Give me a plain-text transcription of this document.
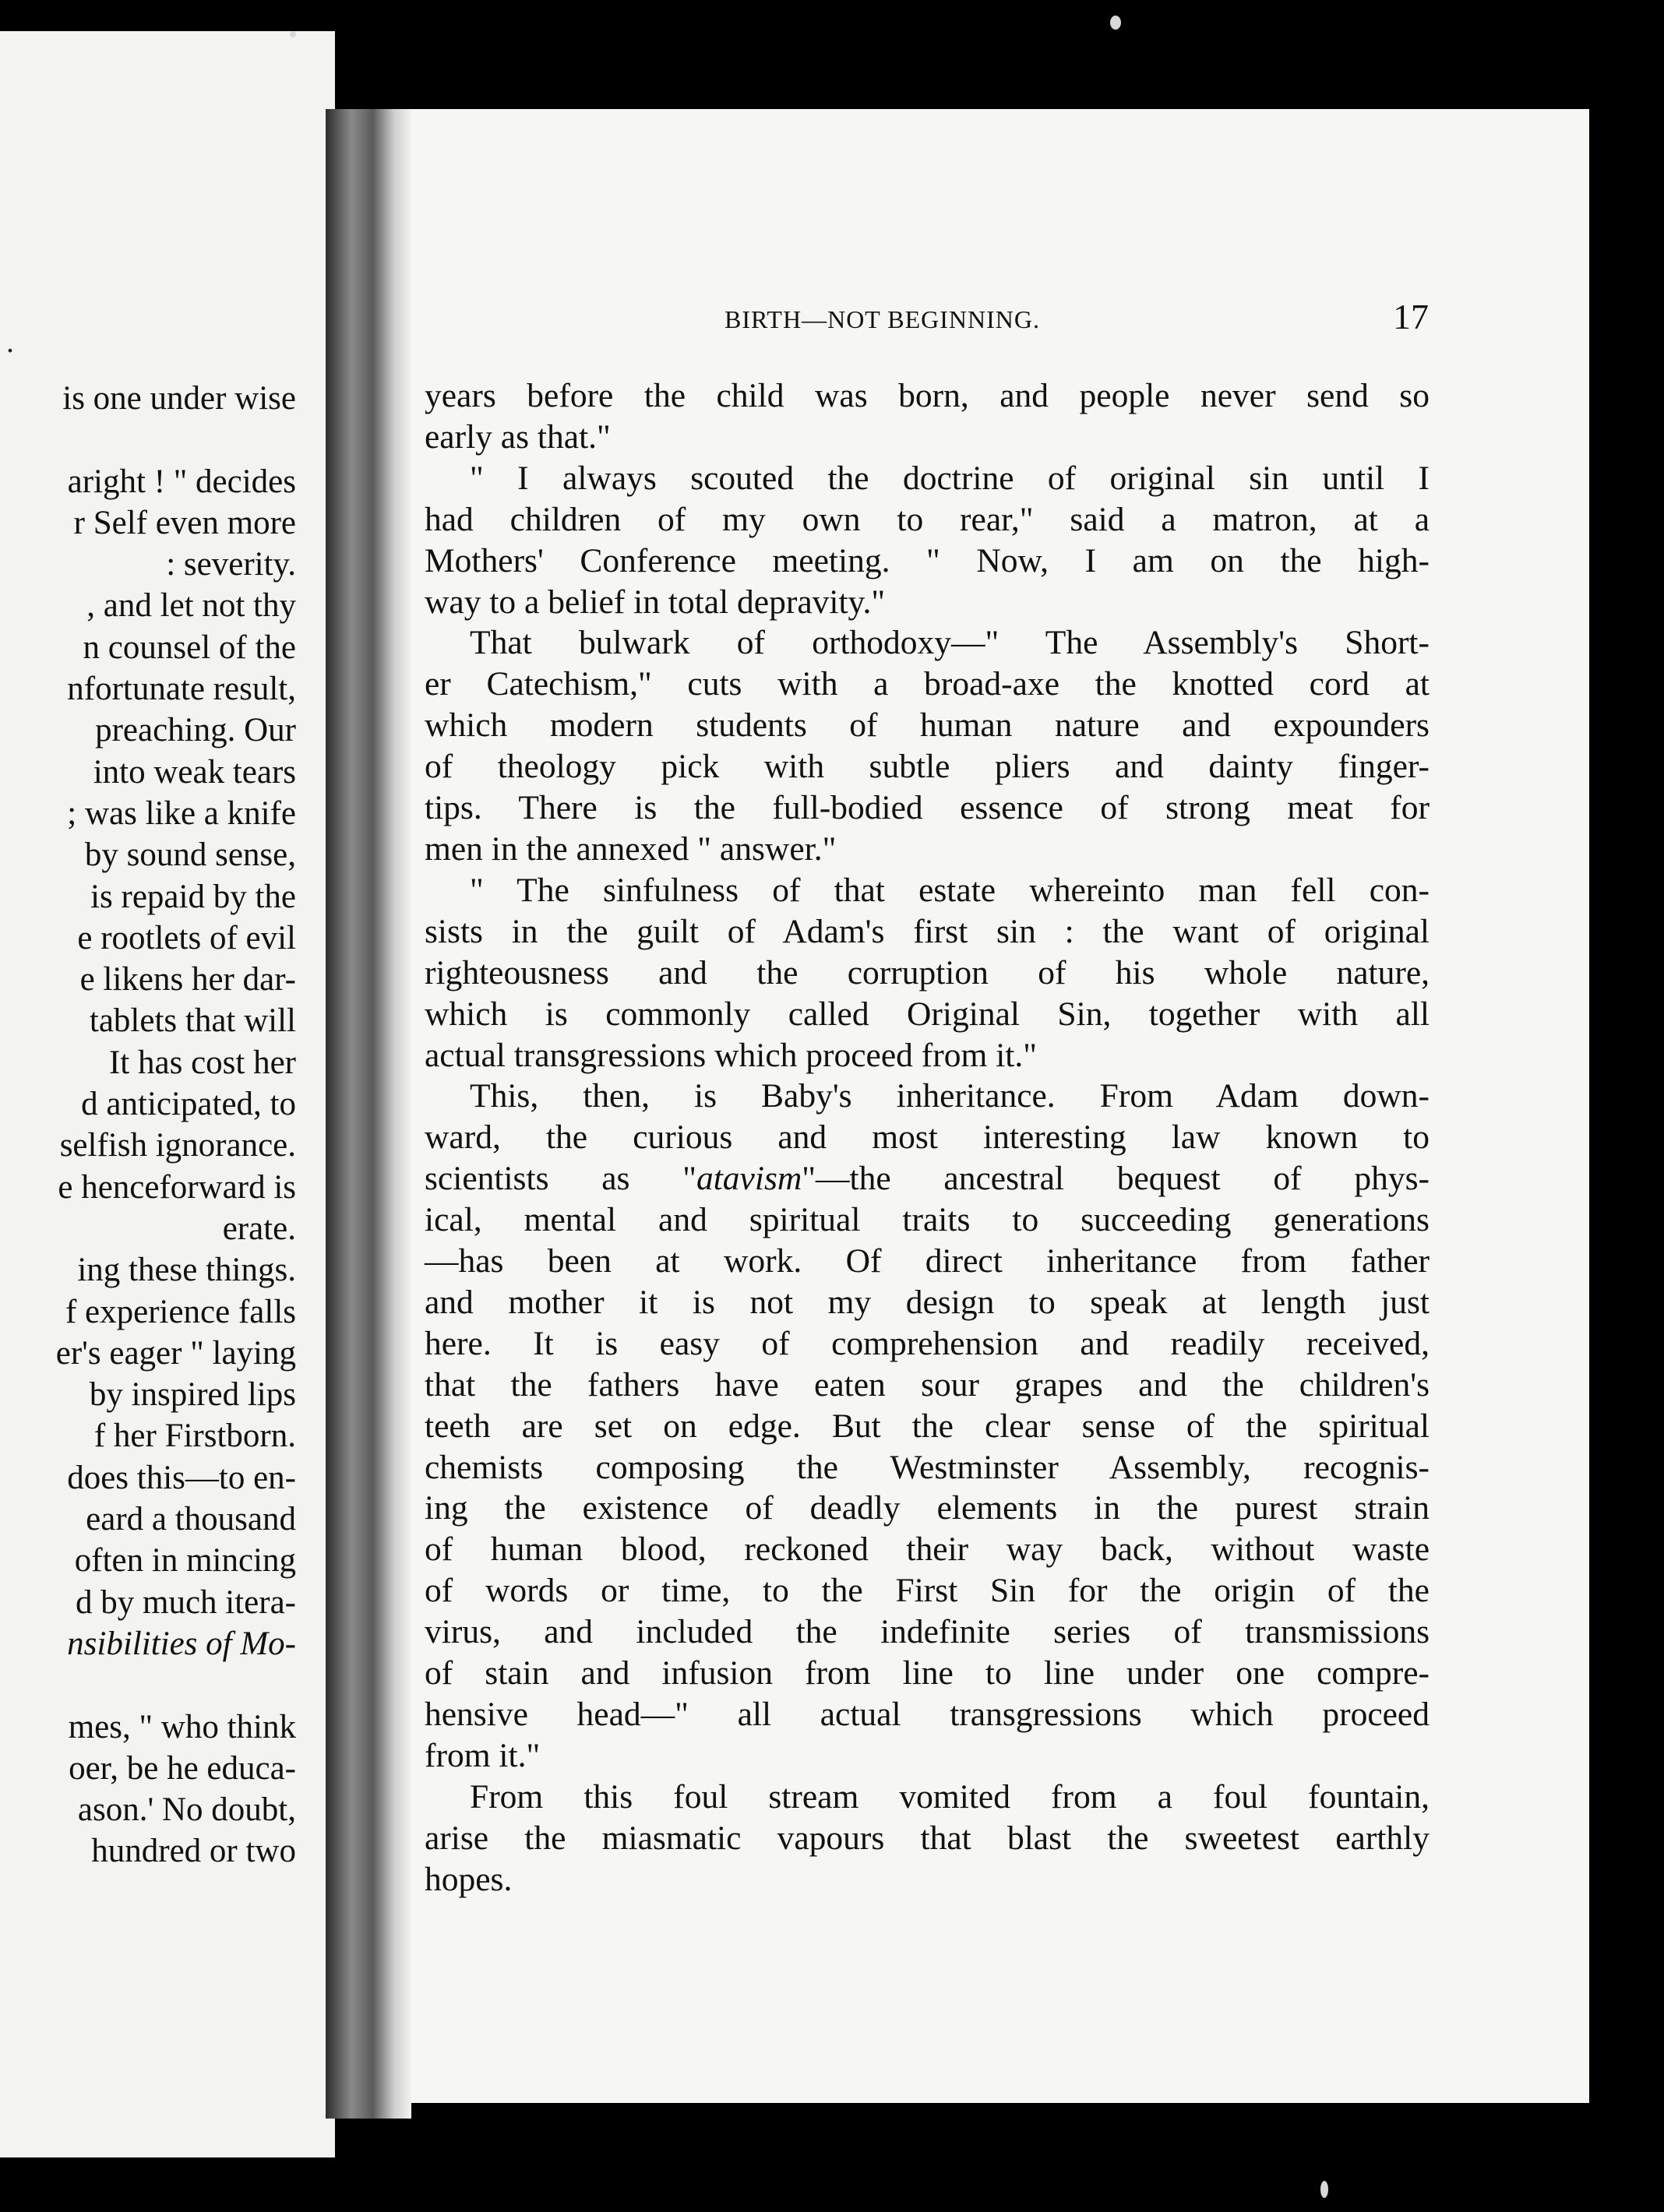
.
is one under wise

aright ! " decides
r Self even more
: severity.
, and let not thy
n counsel of the
nfortunate result,
preaching. Our
into weak tears
; was like a knife
by sound sense,
is repaid by the
e rootlets of evil
e likens her dar-
tablets that will
It has cost her
d anticipated, to
selfish ignorance.
e henceforward is
erate.
ing these things.
f experience falls
er's eager " laying
by inspired lips
f her Firstborn.
does this—to en-
eard a thousand
often in mincing
d by much itera-
nsibilities of Mo-

mes, " who think
oer, be he educa-
ason.' No doubt,
hundred or two
BIRTH—NOT BEGINNING.	17
years before the child was born, and people never send so
early as that."
" I always scouted the doctrine of original sin until I
had children of my own to rear," said a matron, at a
Mothers' Conference meeting. " Now, I am on the high-
way to a belief in total depravity."
That bulwark of orthodoxy—" The Assembly's Short-
er Catechism," cuts with a broad-axe the knotted cord at
which modern students of human nature and expounders
of theology pick with subtle pliers and dainty finger-
tips. There is the full-bodied essence of strong meat for
men in the annexed " answer."
" The sinfulness of that estate whereinto man fell con-
sists in the guilt of Adam's first sin : the want of original
righteousness and the corruption of his whole nature,
which is commonly called Original Sin, together with all
actual transgressions which proceed from it."
This, then, is Baby's inheritance. From Adam down-
ward, the curious and most interesting law known to
scientists as "atavism"—the ancestral bequest of phys-
ical, mental and spiritual traits to succeeding generations
—has been at work. Of direct inheritance from father
and mother it is not my design to speak at length just
here. It is easy of comprehension and readily received,
that the fathers have eaten sour grapes and the children's
teeth are set on edge. But the clear sense of the spiritual
chemists composing the Westminster Assembly, recognis-
ing the existence of deadly elements in the purest strain
of human blood, reckoned their way back, without waste
of words or time, to the First Sin for the origin of the
virus, and included the indefinite series of transmissions
of stain and infusion from line to line under one compre-
hensive head—" all actual transgressions which proceed
from it."
From this foul stream vomited from a foul fountain,
arise the miasmatic vapours that blast the sweetest earthly
hopes.
